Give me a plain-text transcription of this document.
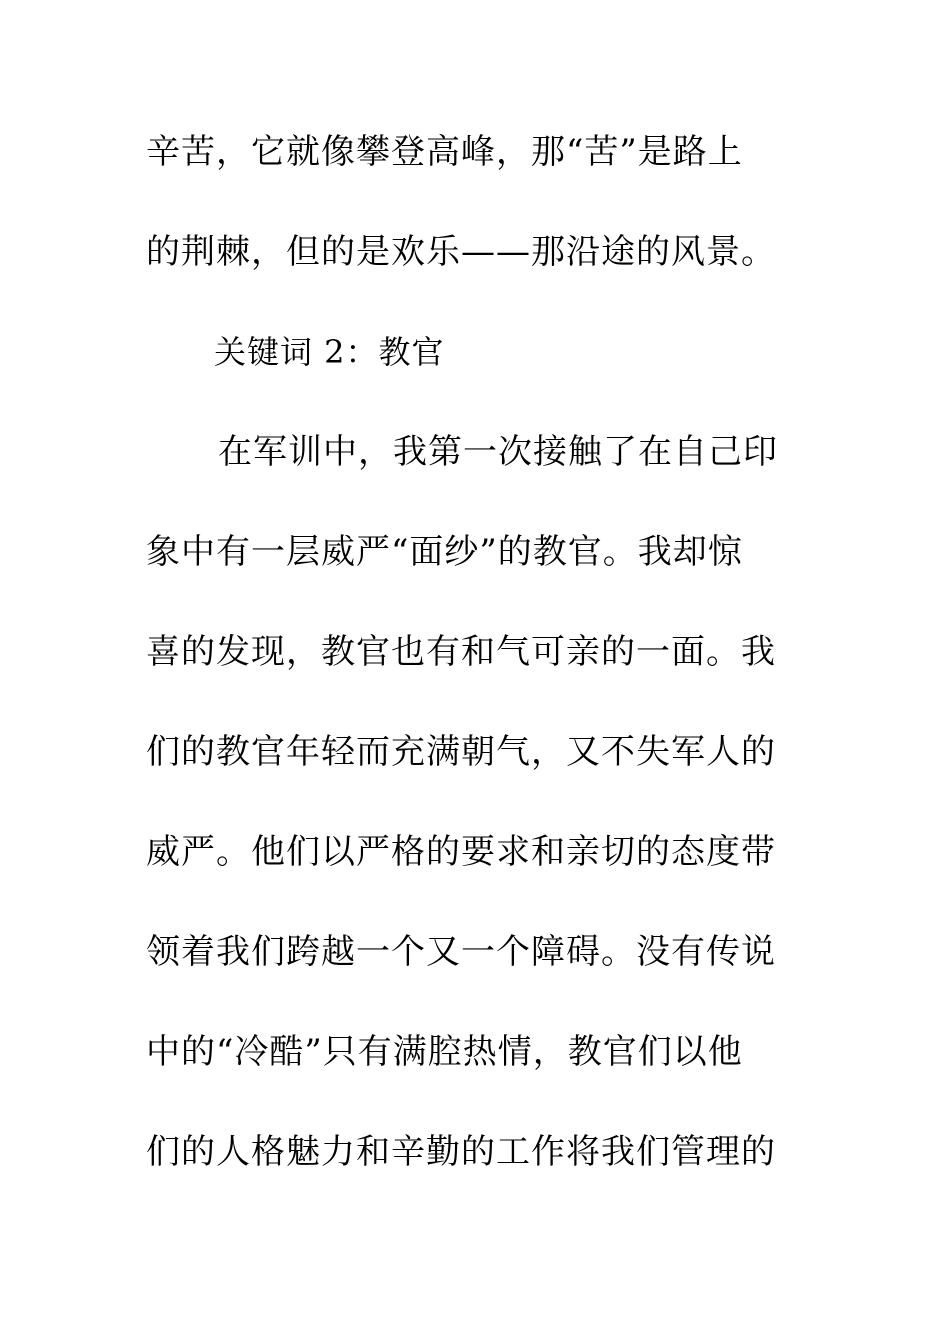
辛苦，它就像攀登高峰，那“苦”是路上
的荆棘，但的是欢乐——那沿途的风景。
关键词 2：教官
在军训中，我第一次接触了在自己印
象中有一层威严“面纱”的教官。我却惊
喜的发现，教官也有和气可亲的一面。我
们的教官年轻而充满朝气，又不失军人的
威严。他们以严格的要求和亲切的态度带
领着我们跨越一个又一个障碍。没有传说
中的“冷酷”只有满腔热情，教官们以他
们的人格魅力和辛勤的工作将我们管理的
